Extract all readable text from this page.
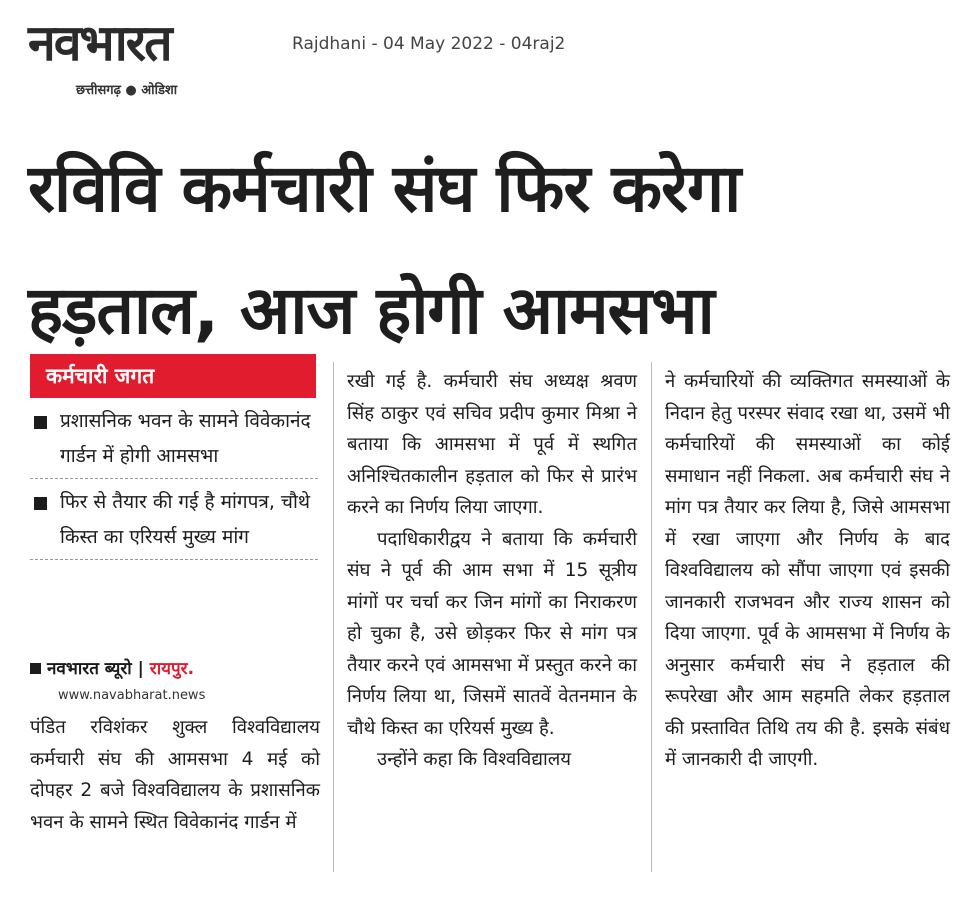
नवभारत
छत्तीसगढ़ ● ओडिशा
Rajdhani - 04 May 2022 - 04raj2
रविवि कर्मचारी संघ फिर करेगा हड़ताल, आज होगी आमसभा
कर्मचारी जगत
प्रशासनिक भवन के सामने विवेकानंद गार्डन में होगी आमसभा
फिर से तैयार की गई है मांगपत्र, चौथे किस्त का एरियर्स मुख्य मांग
नवभारत ब्यूरो | रायपुर.
www.navabharat.news

पंडित रविशंकर शुक्ल विश्वविद्यालय कर्मचारी संघ की आमसभा 4 मई को दोपहर 2 बजे विश्वविद्यालय के प्रशासनिक भवन के सामने स्थित विवेकानंद गार्डन में

रखी गई है. कर्मचारी संघ अध्यक्ष श्रवण सिंह ठाकुर एवं सचिव प्रदीप कुमार मिश्रा ने बताया कि आमसभा में पूर्व में स्थगित अनिश्चितकालीन हड़ताल को फिर से प्रारंभ करने का निर्णय लिया जाएगा.

पदाधिकारीद्वय ने बताया कि कर्मचारी संघ ने पूर्व की आम सभा में 15 सूत्रीय मांगों पर चर्चा कर जिन मांगों का निराकरण हो चुका है, उसे छोड़कर फिर से मांग पत्र तैयार करने एवं आमसभा में प्रस्तुत करने का निर्णय लिया था, जिसमें सातवें वेतनमान के चौथे किस्त का एरियर्स मुख्य है.

उन्होंने कहा कि विश्वविद्यालय

ने कर्मचारियों की व्यक्तिगत समस्याओं के निदान हेतु परस्पर संवाद रखा था, उसमें भी कर्मचारियों की समस्याओं का कोई समाधान नहीं निकला. अब कर्मचारी संघ ने मांग पत्र तैयार कर लिया है, जिसे आमसभा में रखा जाएगा और निर्णय के बाद विश्वविद्यालय को सौंपा जाएगा एवं इसकी जानकारी राजभवन और राज्य शासन को दिया जाएगा. पूर्व के आमसभा में निर्णय के अनुसार कर्मचारी संघ ने हड़ताल की रूपरेखा और आम सहमति लेकर हड़ताल की प्रस्तावित तिथि तय की है. इसके संबंध में जानकारी दी जाएगी.
